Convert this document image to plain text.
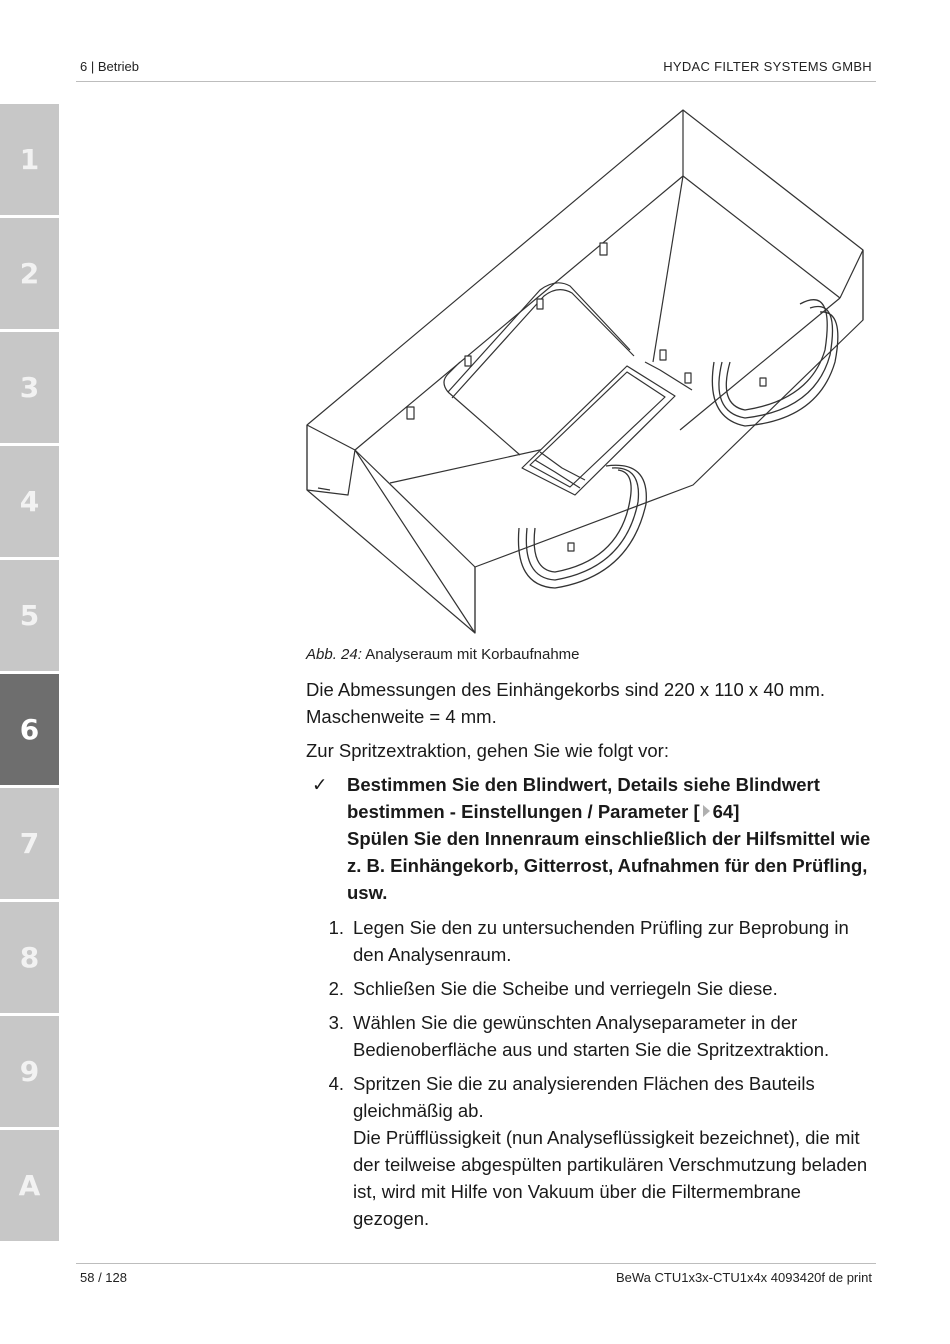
6 | Betrieb	HYDAC FILTER SYSTEMS GMBH
1
2
3
4
5
6
7
8
9
A
Abb. 24: Analyseraum mit Korbaufnahme

Die Abmessungen des Einhängekorbs sind 220 x 110 x 40 mm. Maschenweite = 4 mm.

Zur Spritzextraktion, gehen Sie wie folgt vor:

✓ Bestimmen Sie den Blindwert, Details siehe Blindwert bestimmen - Einstellungen / Parameter [ 64]
Spülen Sie den Innenraum einschließlich der Hilfsmittel wie z. B. Einhängekorb, Gitterrost, Aufnahmen für den Prüfling, usw.
1. Legen Sie den zu untersuchenden Prüfling zur Beprobung in den Analysenraum.
2. Schließen Sie die Scheibe und verriegeln Sie diese.
3. Wählen Sie die gewünschten Analyseparameter in der Bedienoberfläche aus und starten Sie die Spritzextraktion.
4. Spritzen Sie die zu analysierenden Flächen des Bauteils gleichmäßig ab.
Die Prüfflüssigkeit (nun Analyseflüssigkeit bezeichnet), die mit der teilweise abgespülten partikulären Verschmutzung beladen ist, wird mit Hilfe von Vakuum über die Filtermembrane gezogen.
58 / 128	BeWa CTU1x3x-CTU1x4x 4093420f de print
